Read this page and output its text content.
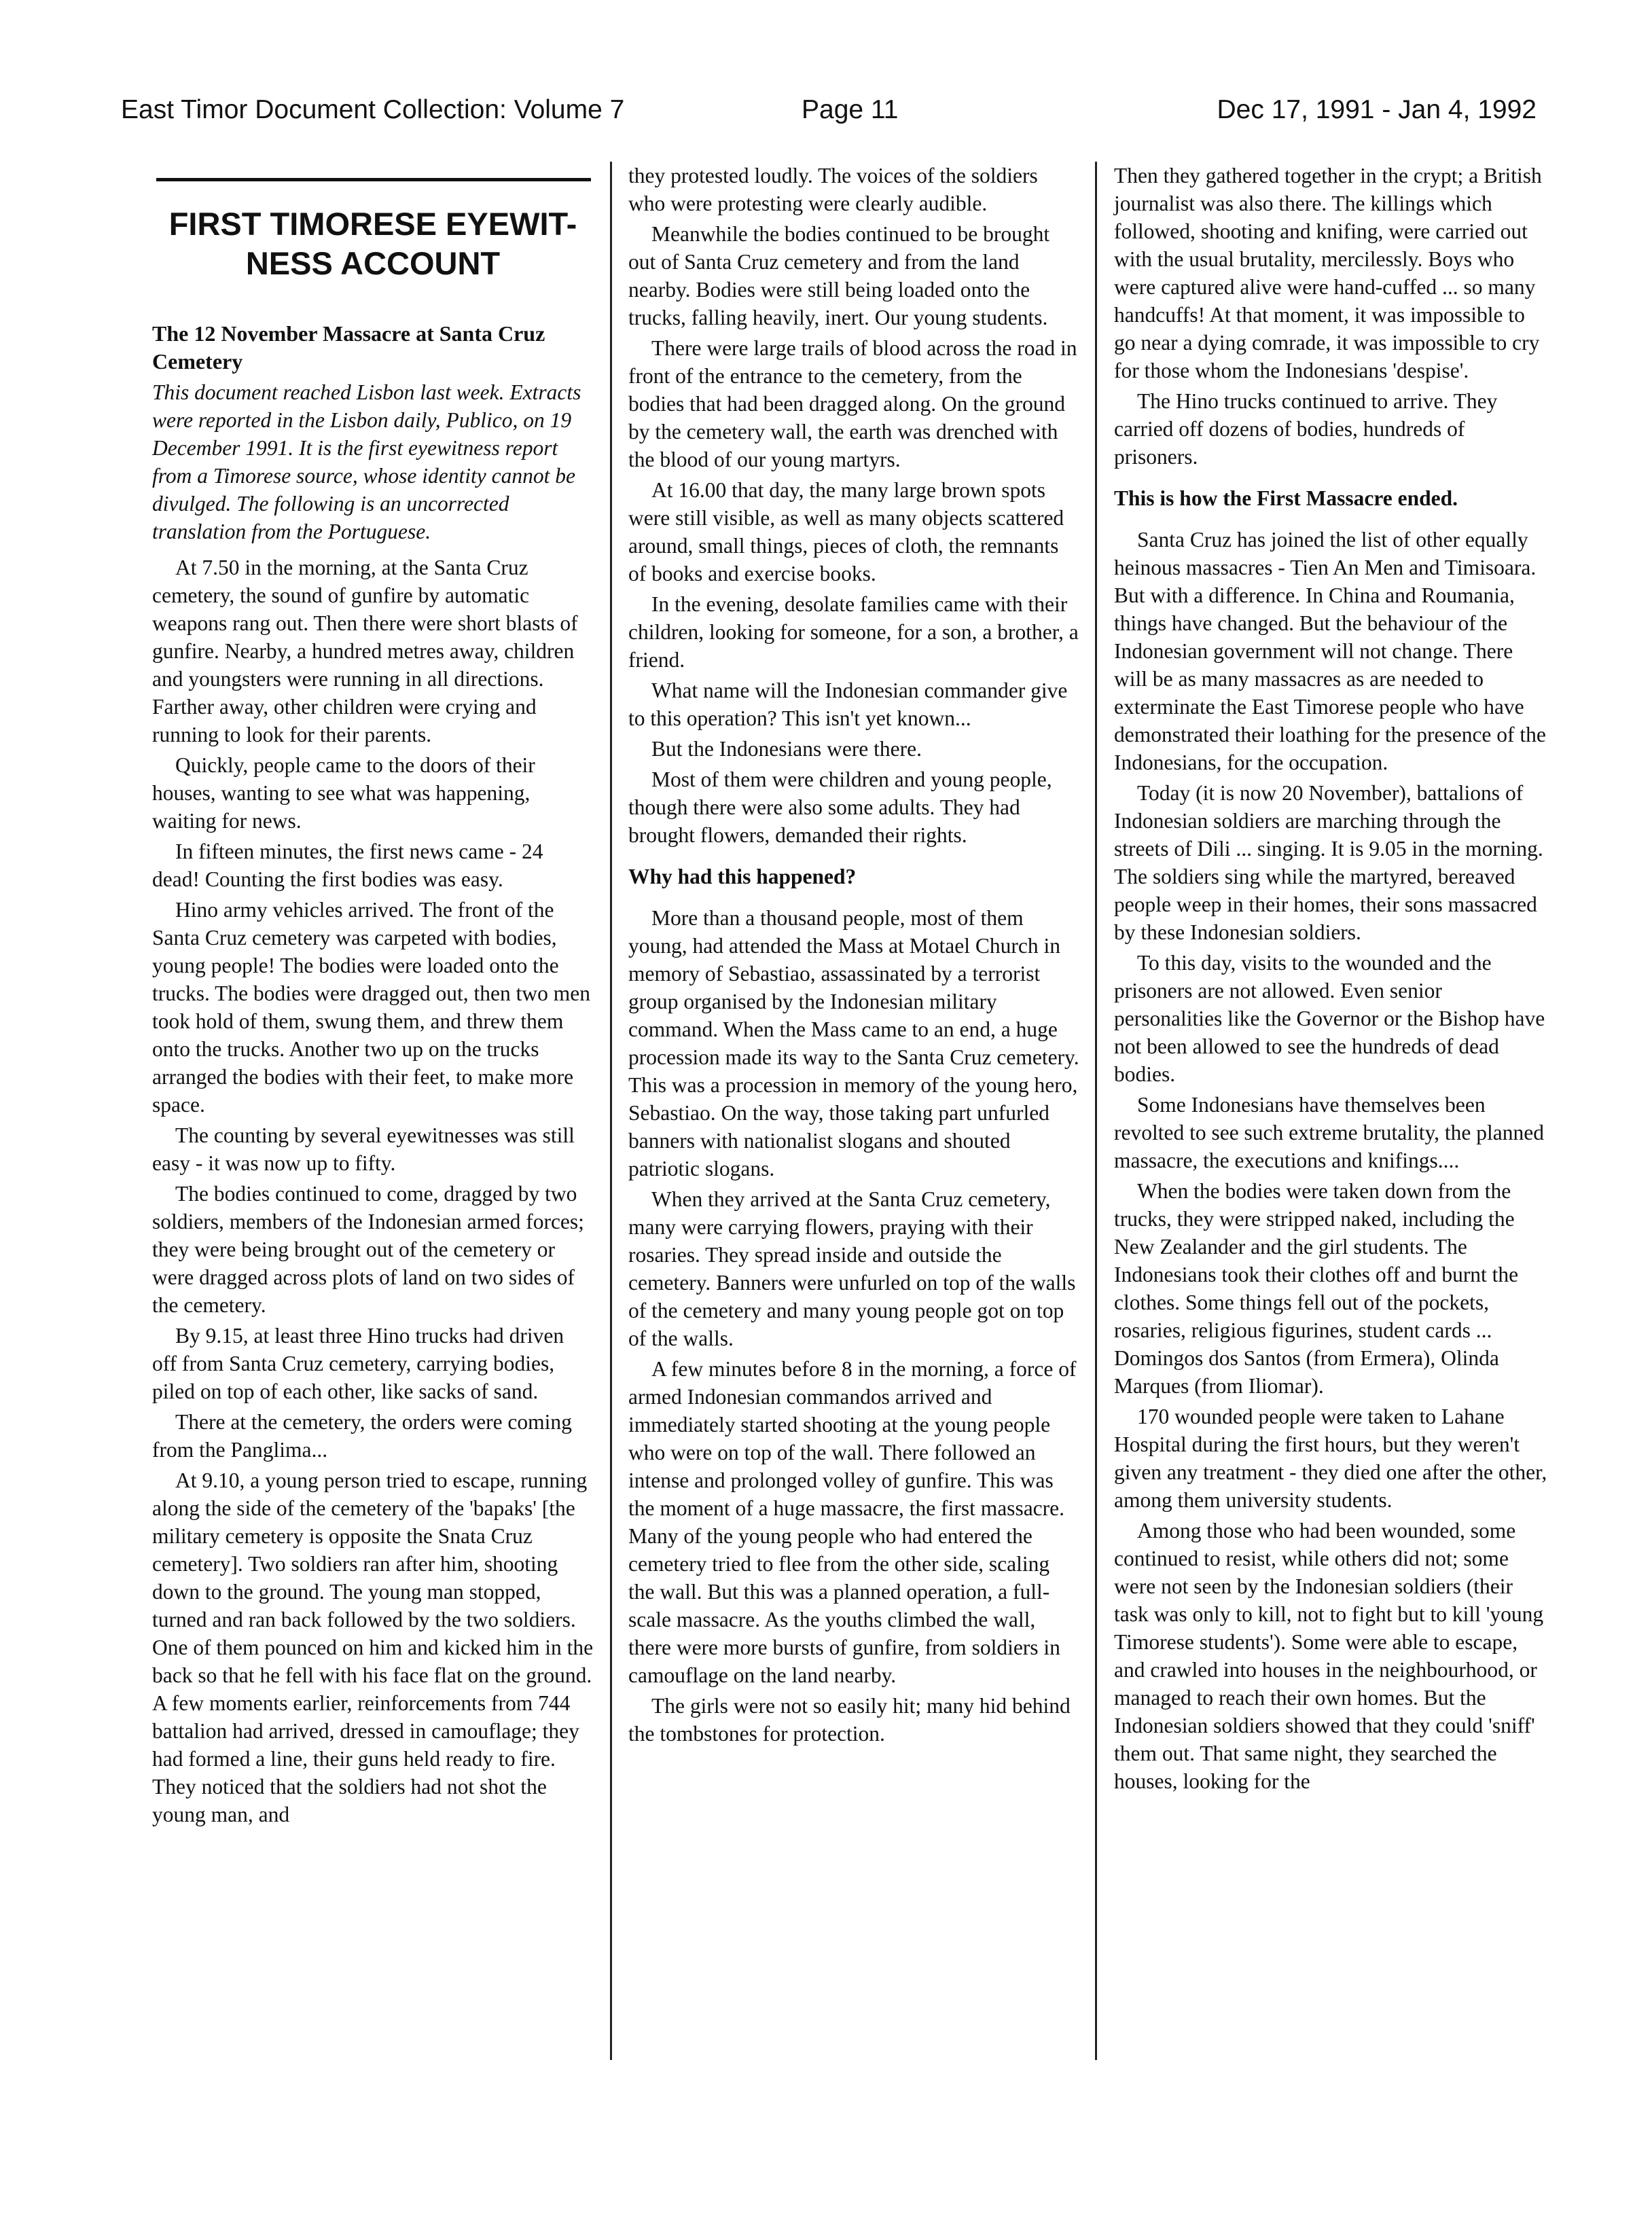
East Timor Document Collection: Volume 7	Page 11	Dec 17, 1991 - Jan 4, 1992
FIRST TIMORESE EYEWIT-NESS ACCOUNT
The 12 November Massacre at Santa Cruz Cemetery
This document reached Lisbon last week. Extracts were reported in the Lisbon daily, Publico, on 19 December 1991. It is the first eyewitness report from a Timorese source, whose identity cannot be divulged. The following is an uncorrected translation from the Portuguese.

At 7.50 in the morning, at the Santa Cruz cemetery, the sound of gunfire by automatic weapons rang out. Then there were short blasts of gunfire. Nearby, a hundred metres away, children and youngsters were running in all directions. Farther away, other children were crying and running to look for their parents.

Quickly, people came to the doors of their houses, wanting to see what was happening, waiting for news.

In fifteen minutes, the first news came - 24 dead! Counting the first bodies was easy.

Hino army vehicles arrived. The front of the Santa Cruz cemetery was carpeted with bodies, young people! The bodies were loaded onto the trucks. The bodies were dragged out, then two men took hold of them, swung them, and threw them onto the trucks. Another two up on the trucks arranged the bodies with their feet, to make more space.

The counting by several eyewitnesses was still easy - it was now up to fifty.

The bodies continued to come, dragged by two soldiers, members of the Indonesian armed forces; they were being brought out of the cemetery or were dragged across plots of land on two sides of the cemetery.

By 9.15, at least three Hino trucks had driven off from Santa Cruz cemetery, carrying bodies, piled on top of each other, like sacks of sand.

There at the cemetery, the orders were coming from the Panglima...

At 9.10, a young person tried to escape, running along the side of the cemetery of the 'bapaks' [the military cemetery is opposite the Snata Cruz cemetery]. Two soldiers ran after him, shooting down to the ground. The young man stopped, turned and ran back followed by the two soldiers. One of them pounced on him and kicked him in the back so that he fell with his face flat on the ground. A few moments earlier, reinforcements from 744 battalion had arrived, dressed in camouflage; they had formed a line, their guns held ready to fire. They noticed that the soldiers had not shot the young man, and

they protested loudly. The voices of the soldiers who were protesting were clearly audible.

Meanwhile the bodies continued to be brought out of Santa Cruz cemetery and from the land nearby. Bodies were still being loaded onto the trucks, falling heavily, inert. Our young students.

There were large trails of blood across the road in front of the entrance to the cemetery, from the bodies that had been dragged along. On the ground by the cemetery wall, the earth was drenched with the blood of our young martyrs.

At 16.00 that day, the many large brown spots were still visible, as well as many objects scattered around, small things, pieces of cloth, the remnants of books and exercise books.

In the evening, desolate families came with their children, looking for someone, for a son, a brother, a friend.

What name will the Indonesian commander give to this operation? This isn't yet known...

But the Indonesians were there.

Most of them were children and young people, though there were also some adults. They had brought flowers, demanded their rights.

Why had this happened?

More than a thousand people, most of them young, had attended the Mass at Motael Church in memory of Sebastiao, assassinated by a terrorist group organised by the Indonesian military command. When the Mass came to an end, a huge procession made its way to the Santa Cruz cemetery. This was a procession in memory of the young hero, Sebastiao. On the way, those taking part unfurled banners with nationalist slogans and shouted patriotic slogans.

When they arrived at the Santa Cruz cemetery, many were carrying flowers, praying with their rosaries. They spread inside and outside the cemetery. Banners were unfurled on top of the walls of the cemetery and many young people got on top of the walls.

A few minutes before 8 in the morning, a force of armed Indonesian commandos arrived and immediately started shooting at the young people who were on top of the wall. There followed an intense and prolonged volley of gunfire. This was the moment of a huge massacre, the first massacre. Many of the young people who had entered the cemetery tried to flee from the other side, scaling the wall. But this was a planned operation, a full-scale massacre. As the youths climbed the wall, there were more bursts of gunfire, from soldiers in camouflage on the land nearby.

The girls were not so easily hit; many hid behind the tombstones for protection.

Then they gathered together in the crypt; a British journalist was also there. The killings which followed, shooting and knifing, were carried out with the usual brutality, mercilessly. Boys who were captured alive were hand-cuffed ... so many handcuffs! At that moment, it was impossible to go near a dying comrade, it was impossible to cry for those whom the Indonesians 'despise'.

The Hino trucks continued to arrive. They carried off dozens of bodies, hundreds of prisoners.

This is how the First Massacre ended.

Santa Cruz has joined the list of other equally heinous massacres - Tien An Men and Timisoara. But with a difference. In China and Roumania, things have changed. But the behaviour of the Indonesian government will not change. There will be as many massacres as are needed to exterminate the East Timorese people who have demonstrated their loathing for the presence of the Indonesians, for the occupation.

Today (it is now 20 November), battalions of Indonesian soldiers are marching through the streets of Dili ... singing. It is 9.05 in the morning. The soldiers sing while the martyred, bereaved people weep in their homes, their sons massacred by these Indonesian soldiers.

To this day, visits to the wounded and the prisoners are not allowed. Even senior personalities like the Governor or the Bishop have not been allowed to see the hundreds of dead bodies.

Some Indonesians have themselves been revolted to see such extreme brutality, the planned massacre, the executions and knifings....

When the bodies were taken down from the trucks, they were stripped naked, including the New Zealander and the girl students. The Indonesians took their clothes off and burnt the clothes. Some things fell out of the pockets, rosaries, religious figurines, student cards ... Domingos dos Santos (from Ermera), Olinda Marques (from Iliomar).

170 wounded people were taken to Lahane Hospital during the first hours, but they weren't given any treatment - they died one after the other, among them university students.

Among those who had been wounded, some continued to resist, while others did not; some were not seen by the Indonesian soldiers (their task was only to kill, not to fight but to kill 'young Timorese students'). Some were able to escape, and crawled into houses in the neighbourhood, or managed to reach their own homes. But the Indonesian soldiers showed that they could 'sniff' them out. That same night, they searched the houses, looking for the
